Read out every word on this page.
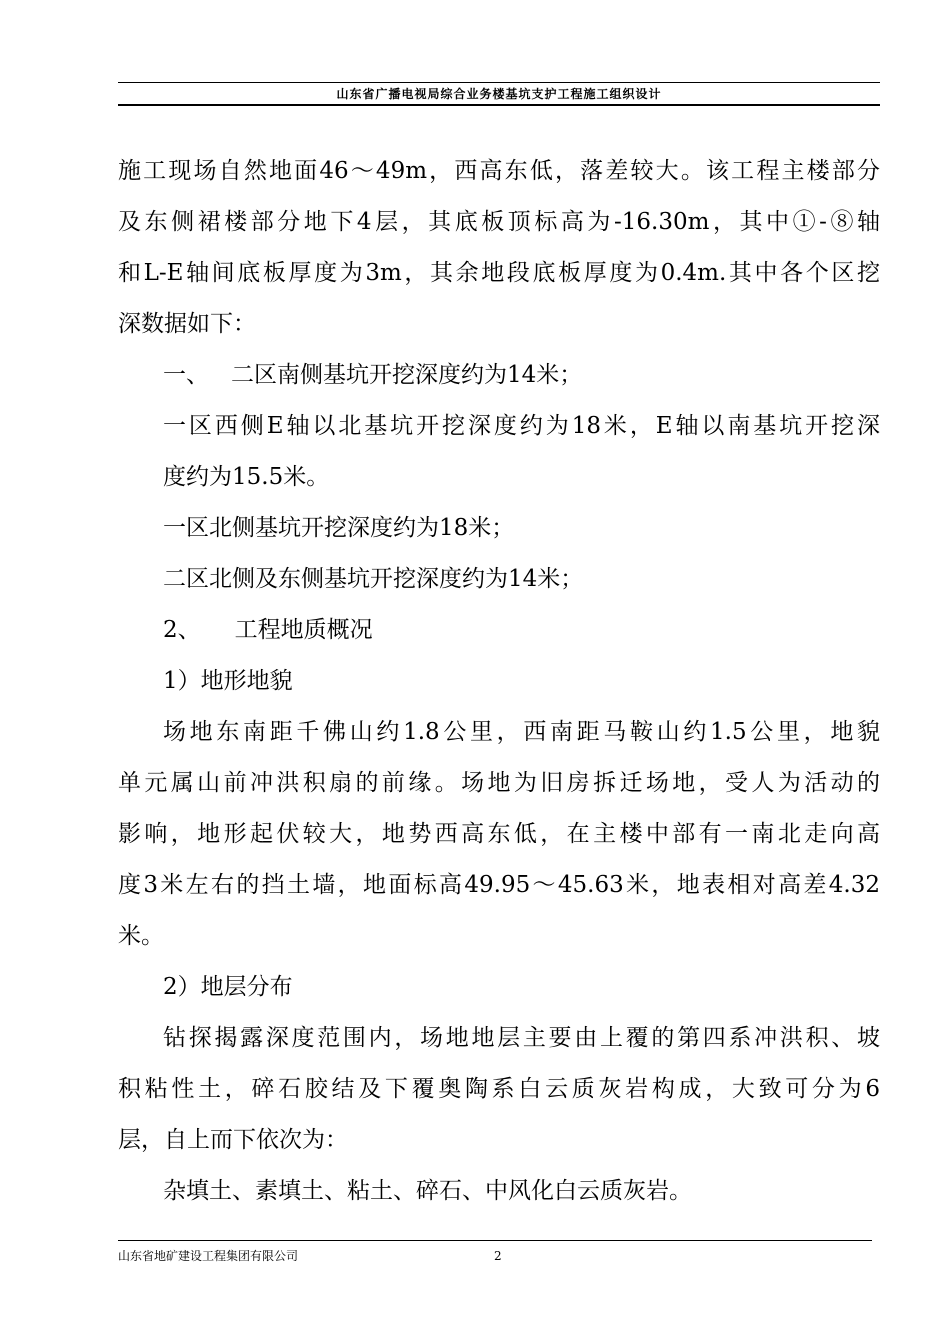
山东省广播电视局综合业务楼基坑支护工程施工组织设计
施工现场自然地面46～49m，西高东低，落差较大。该工程主楼部分
及东侧裙楼部分地下4层，其底板顶标高为-16.30m，其中①-⑧轴
和L-E轴间底板厚度为3m，其余地段底板厚度为0.4m.其中各个区挖
深数据如下：
一、 二区南侧基坑开挖深度约为14米；
一区西侧E轴以北基坑开挖深度约为18米，E轴以南基坑开挖深
度约为15.5米。
一区北侧基坑开挖深度约为18米；
二区北侧及东侧基坑开挖深度约为14米；
2、 工程地质概况
1）地形地貌
场地东南距千佛山约1.8公里，西南距马鞍山约1.5公里，地貌
单元属山前冲洪积扇的前缘。场地为旧房拆迁场地，受人为活动的
影响，地形起伏较大，地势西高东低，在主楼中部有一南北走向高
度3米左右的挡土墙，地面标高49.95～45.63米，地表相对高差4.32
米。
2）地层分布
钻探揭露深度范围内，场地地层主要由上覆的第四系冲洪积、坡
积粘性土，碎石胶结及下覆奥陶系白云质灰岩构成，大致可分为6
层，自上而下依次为：
杂填土、素填土、粘土、碎石、中风化白云质灰岩。
山东省地矿建设工程集团有限公司	2
